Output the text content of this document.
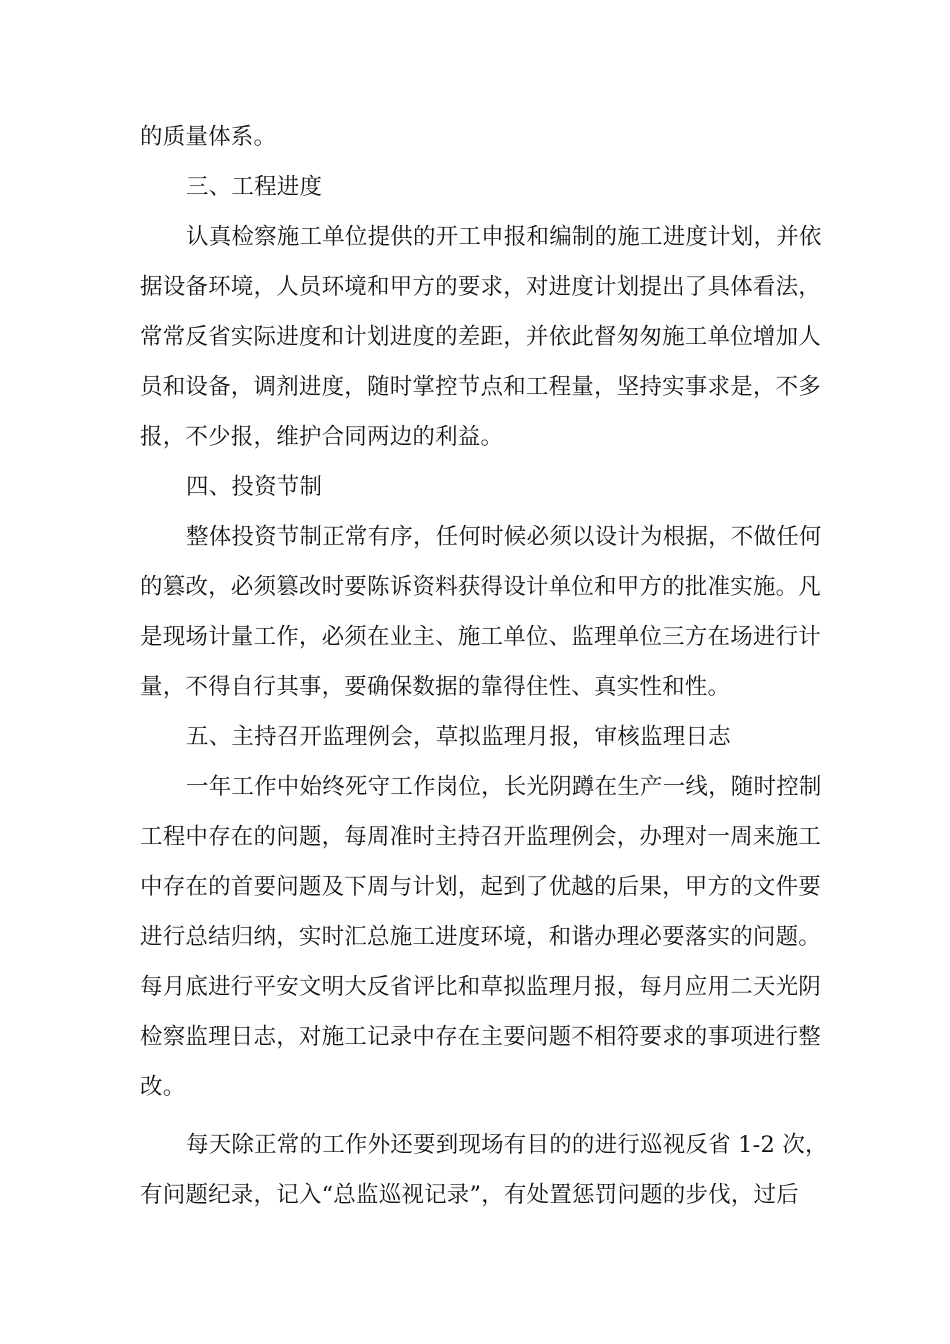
的质量体系。
三、工程进度
认真检察施工单位提供的开工申报和编制的施工进度计划，并依
据设备环境，人员环境和甲方的要求，对进度计划提出了具体看法，
常常反省实际进度和计划进度的差距，并依此督匆匆施工单位增加人
员和设备，调剂进度，随时掌控节点和工程量，坚持实事求是，不多
报，不少报，维护合同两边的利益。
四、投资节制
整体投资节制正常有序，任何时候必须以设计为根据，不做任何
的篡改，必须篡改时要陈诉资料获得设计单位和甲方的批准实施。凡
是现场计量工作，必须在业主、施工单位、监理单位三方在场进行计
量，不得自行其事，要确保数据的靠得住性、真实性和性。
五、主持召开监理例会，草拟监理月报，审核监理日志
一年工作中始终死守工作岗位，长光阴蹲在生产一线，随时控制
工程中存在的问题，每周准时主持召开监理例会，办理对一周来施工
中存在的首要问题及下周与计划，起到了优越的后果，甲方的文件要
进行总结归纳，实时汇总施工进度环境，和谐办理必要落实的问题。
每月底进行平安文明大反省评比和草拟监理月报，每月应用二天光阴
检察监理日志，对施工记录中存在主要问题不相符要求的事项进行整
改。
每天除正常的工作外还要到现场有目的的进行巡视反省 1-2 次，
有问题纪录，记入“总监巡视记录”，有处置惩罚问题的步伐，过后
